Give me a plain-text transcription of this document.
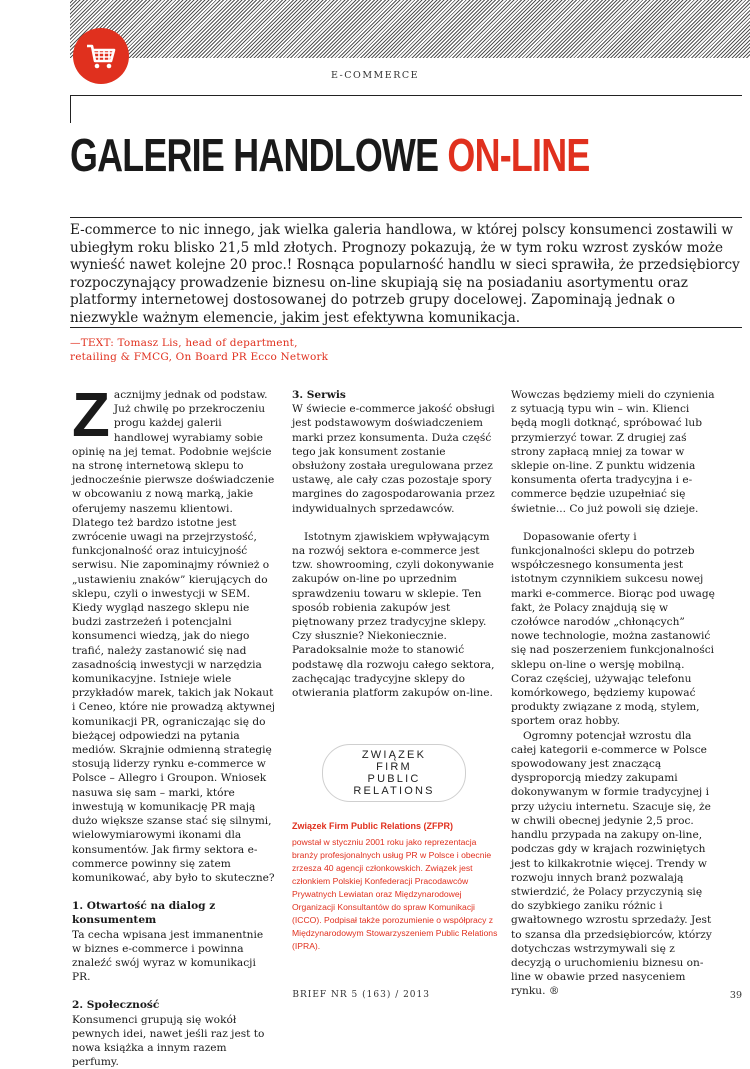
E-COMMERCE
GALERIE HANDLOWE ON-LINE

E-commerce to nic innego, jak wielka galeria handlowa, w której polscy konsumenci zostawili w ubiegłym roku blisko 21,5 mld złotych. Prognozy pokazują, że w tym roku wzrost zysków może wynieść nawet kolejne 20 proc.! Rosnąca popularność handlu w sieci sprawiła, że przedsiębiorcy rozpoczynający prowadzenie biznesu on-line skupiają się na posiadaniu asortymentu oraz platformy internetowej dostosowanej do potrzeb grupy docelowej. Zapominają jednak o niezwykle ważnym elemencie, jakim jest efektywna komunikacja.

—TEXT: Tomasz Lis, head of department,
retailing & FMCG, On Board PR Ecco Network

Zacznijmy jednak od podstaw. Już chwilę po przekroczeniu progu każdej galerii handlowej wyrabiamy sobie opinię na jej temat. Podobnie wejście na stronę internetową sklepu to jednocześnie pierwsze doświadczenie w obcowaniu z nową marką, jakie oferujemy naszemu klientowi. Dlatego też bardzo istotne jest zwrócenie uwagi na przejrzystość, funkcjonalność oraz intuicyjność serwisu. Nie zapominajmy również o „ustawieniu znaków” kierujących do sklepu, czyli o inwestycji w SEM. Kiedy wygląd naszego sklepu nie budzi zastrzeżeń i potencjalni konsumenci wiedzą, jak do niego trafić, należy zastanowić się nad zasadnością inwestycji w narzędzia komunikacyjne. Istnieje wiele przykładów marek, takich jak Nokaut i Ceneo, które nie prowadzą aktywnej komunikacji PR, ograniczając się do bieżącej odpowiedzi na pytania mediów. Skrajnie odmienną strategię stosują liderzy rynku e-commerce w Polsce – Allegro i Groupon. Wniosek nasuwa się sam – marki, które inwestują w komunikację PR mają dużo większe szanse stać się silnymi, wielowymiarowymi ikonami dla konsumentów. Jak firmy sektora e-commerce powinny się zatem komunikować, aby było to skuteczne?

1. Otwartość na dialog z konsumentem

Ta cecha wpisana jest immanentnie w biznes e-commerce i powinna znaleźć swój wyraz w komunikacji PR.

2. Społeczność

Konsumenci grupują się wokół pewnych idei, nawet jeśli raz jest to nowa książka a innym razem perfumy.

3. Serwis

W świecie e-commerce jakość obsługi jest podstawowym doświadczeniem marki przez konsumenta. Duża część tego jak konsument zostanie obsłużony została uregulowana przez ustawę, ale cały czas pozostaje spory margines do zagospodarowania przez indywidualnych sprzedawców.

Istotnym zjawiskiem wpływającym na rozwój sektora e-commerce jest tzw. showrooming, czyli dokonywanie zakupów on-line po uprzednim sprawdzeniu towaru w sklepie. Ten sposób robienia zakupów jest piętnowany przez tradycyjne sklepy. Czy słusznie? Niekoniecznie. Paradoksalnie może to stanowić podstawę dla rozwoju całego sektora, zachęcając tradycyjne sklepy do otwierania platform zakupów on-line.

Wowczas będziemy mieli do czynienia z sytuacją typu win – win. Klienci będą mogli dotknąć, spróbować lub przymierzyć towar. Z drugiej zaś strony zapłacą mniej za towar w sklepie on-line. Z punktu widzenia konsumenta oferta tradycyjna i e-commerce będzie uzupełniać się świetnie... Co już powoli się dzieje.

Dopasowanie oferty i funkcjonalności sklepu do potrzeb współczesnego konsumenta jest istotnym czynnikiem sukcesu nowej marki e-commerce. Biorąc pod uwagę fakt, że Polacy znajdują się w czołówce narodów „chłonących” nowe technologie, można zastanowić się nad poszerzeniem funkcjonalności sklepu on-line o wersję mobilną.

Coraz częściej, używając telefonu komórkowego, będziemy kupować produkty związane z modą, stylem, sportem oraz hobby.

Ogromny potencjał wzrostu dla całej kategorii e-commerce w Polsce spowodowany jest znaczącą dysproporcją miedzy zakupami dokonywanym w formie tradycyjnej i przy użyciu internetu. Szacuje się, że w chwili obecnej jedynie 2,5 proc. handlu przypada na zakupy on-line, podczas gdy w krajach rozwiniętych jest to kilkakrotnie więcej. Trendy w rozwoju innych branż pozwalają stwierdzić, że Polacy przyczynią się do szybkiego zaniku różnic i gwałtownego wzrostu sprzedaży. Jest to szansa dla przedsiębiorców, którzy dotychczas wstrzymywali się z decyzją o uruchomieniu biznesu on-line w obawie przed nasyceniem rynku. ®

ZWIĄZEK
FIRM
PUBLIC
RELATIONS
Związek Firm Public Relations (ZFPR)
powstał w styczniu 2001 roku jako reprezentacja branży profesjonalnych usług PR w Polsce i obecnie zrzesza 40 agencji członkowskich. Związek jest członkiem Polskiej Konfederacji Pracodawców Prywatnych Lewiatan oraz Międzynarodowej Organizacji Konsultantów do spraw Komunikacji (ICCO). Podpisał także porozumienie o współpracy z Międzynarodowym Stowarzyszeniem Public Relations (IPRA).
BRIEF NR 5 (163) / 2013	39
